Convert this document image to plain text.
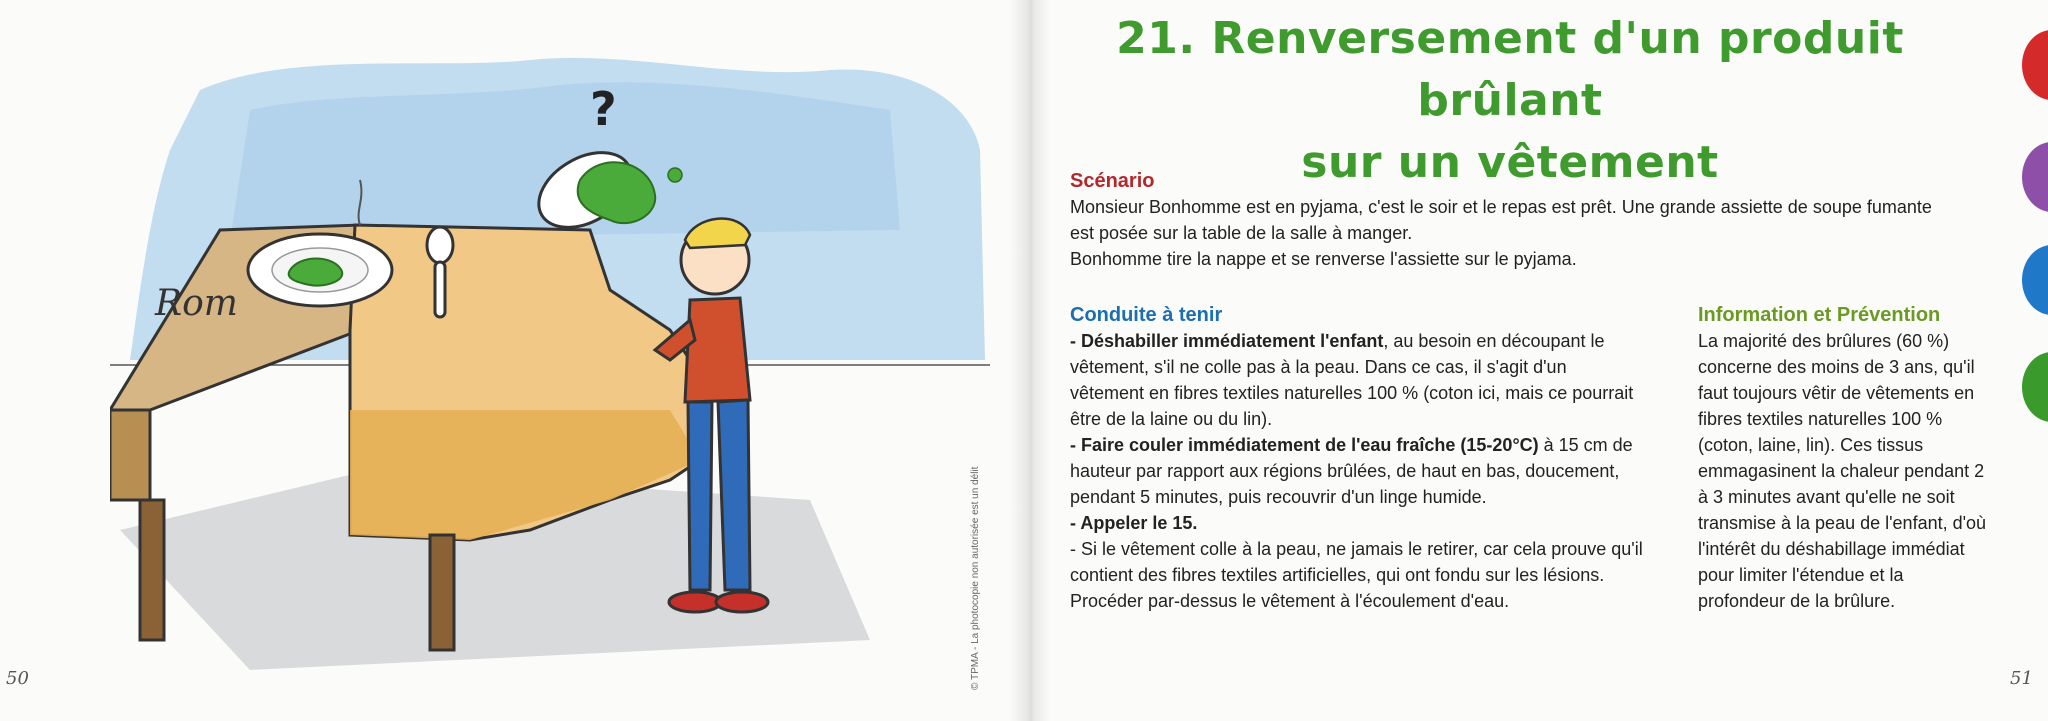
Rom
?
© TPMA - La photocopie non autorisée est un délit
50	51
21. Renversement d'un produit brûlant
sur un vêtement
Scénario

Monsieur Bonhomme est en pyjama, c'est le soir et le repas est prêt. Une grande assiette de soupe fumante

est posée sur la table de la salle à manger.

Bonhomme tire la nappe et se renverse l'assiette sur le pyjama.

Conduite à tenir

- Déshabiller immédiatement l'enfant, au besoin en découpant le vêtement, s'il ne colle pas à la peau. Dans ce cas, il s'agit d'un vêtement en fibres textiles naturelles 100 % (coton ici, mais ce pourrait être de la laine ou du lin).

- Faire couler immédiatement de l'eau fraîche (15-20°C) à 15 cm de hauteur par rapport aux régions brûlées, de haut en bas, doucement, pendant 5 minutes, puis recouvrir d'un linge humide.

- Appeler le 15.

- Si le vêtement colle à la peau, ne jamais le retirer, car cela prouve qu'il contient des fibres textiles artificielles, qui ont fondu sur les lésions.

Procéder par-dessus le vêtement à l'écoulement d'eau.

Information et Prévention
La majorité des brûlures (60 %) concerne des moins de 3 ans, qu'il faut toujours vêtir de vêtements en fibres textiles naturelles 100 % (coton, laine, lin). Ces tissus emmagasinent la chaleur pendant 2 à 3 minutes avant qu'elle ne soit transmise à la peau de l'enfant, d'où l'intérêt du déshabillage immédiat pour limiter l'étendue et la profondeur de la brûlure.
